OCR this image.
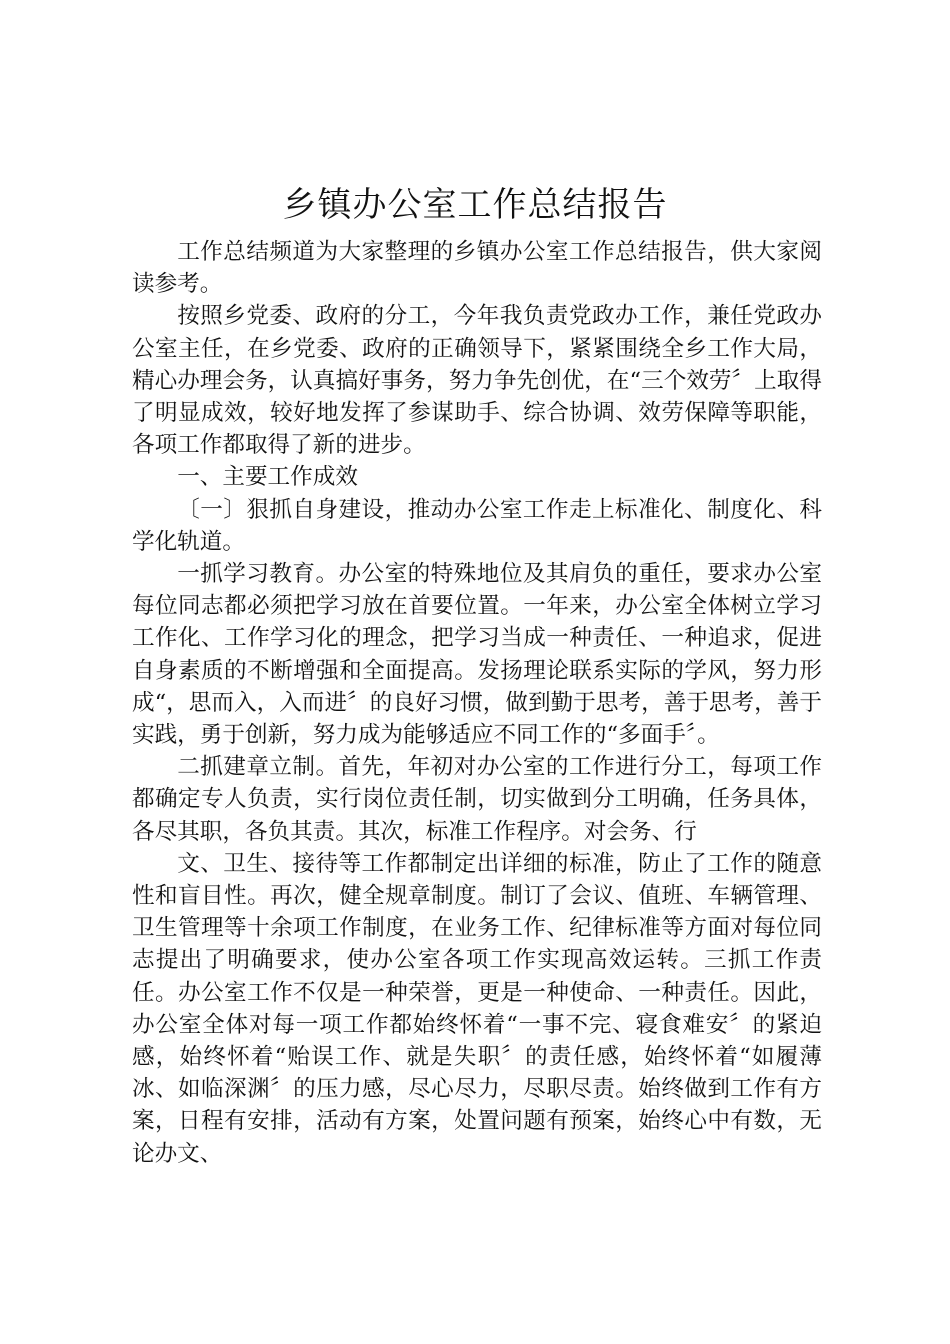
乡镇办公室工作总结报告

工作总结频道为大家整理的乡镇办公室工作总结报告，供大家阅读参考。

按照乡党委、政府的分工，今年我负责党政办工作，兼任党政办公室主任，在乡党委、政府的正确领导下，紧紧围绕全乡工作大局，精心办理会务，认真搞好事务，努力争先创优，在“三个效劳〞上取得了明显成效，较好地发挥了参谋助手、综合协调、效劳保障等职能，各项工作都取得了新的进步。

一、主要工作成效

〔一〕狠抓自身建设，推动办公室工作走上标准化、制度化、科学化轨道。

一抓学习教育。办公室的特殊地位及其肩负的重任，要求办公室每位同志都必须把学习放在首要位置。一年来，办公室全体树立学习工作化、工作学习化的理念，把学习当成一种责任、一种追求，促进自身素质的不断增强和全面提高。发扬理论联系实际的学风，努力形成“，思而入，入而进〞的良好习惯，做到勤于思考，善于思考，善于实践，勇于创新，努力成为能够适应不同工作的“多面手〞。

二抓建章立制。首先，年初对办公室的工作进行分工，每项工作都确定专人负责，实行岗位责任制，切实做到分工明确，任务具体，各尽其职，各负其责。其次，标准工作程序。对会务、行

文、卫生、接待等工作都制定出详细的标准，防止了工作的随意性和盲目性。再次，健全规章制度。制订了会议、值班、车辆管理、卫生管理等十余项工作制度，在业务工作、纪律标准等方面对每位同志提出了明确要求，使办公室各项工作实现高效运转。三抓工作责任。办公室工作不仅是一种荣誉，更是一种使命、一种责任。因此，办公室全体对每一项工作都始终怀着“一事不完、寝食难安〞的紧迫感，始终怀着“贻误工作、就是失职〞的责任感，始终怀着“如履薄冰、如临深渊〞的压力感，尽心尽力，尽职尽责。始终做到工作有方案，日程有安排，活动有方案，处置问题有预案，始终心中有数，无论办文、
